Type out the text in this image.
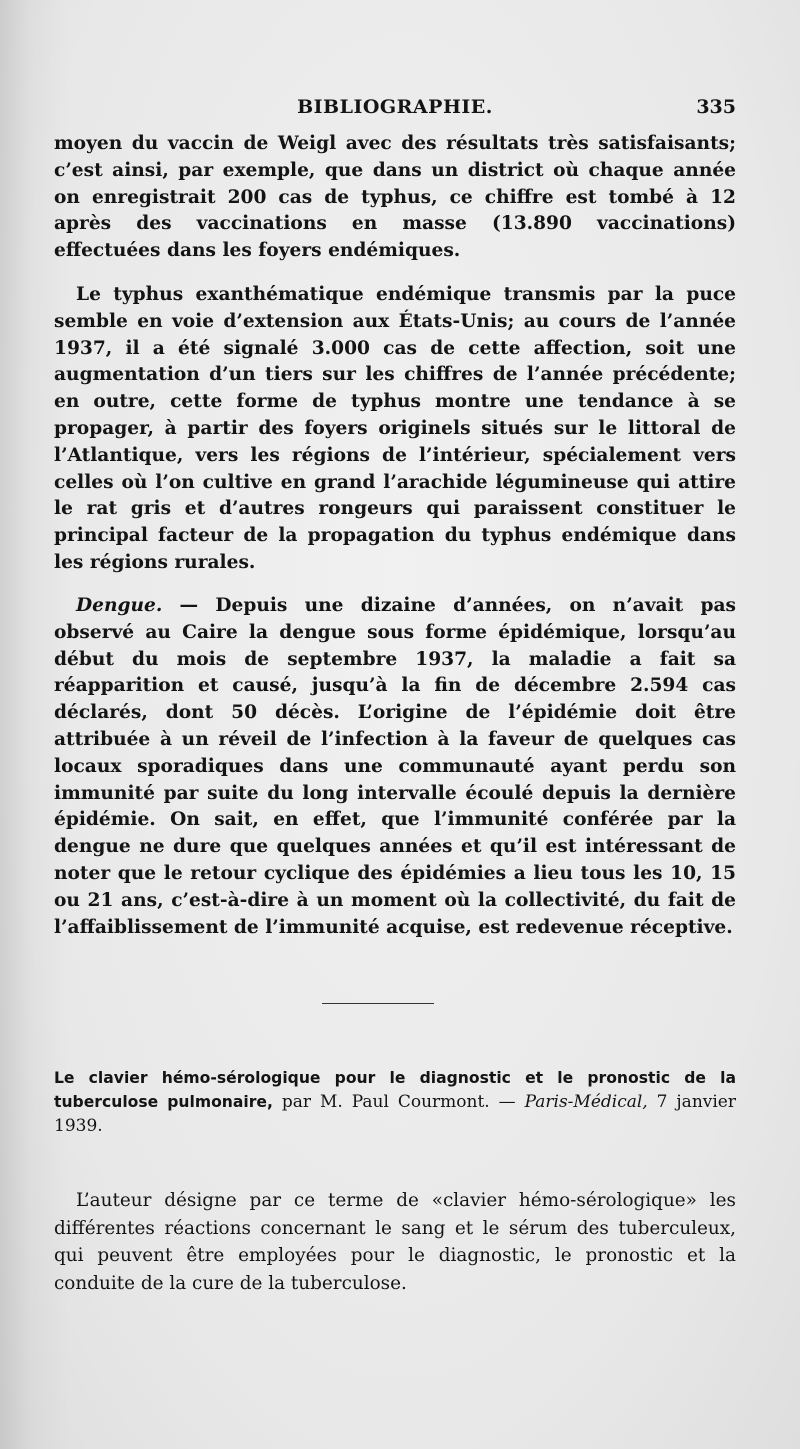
BIBLIOGRAPHIE.	335

moyen du vaccin de Weigl avec des résultats très satisfaisants; c’est ainsi, par exemple, que dans un district où chaque année on enregistrait 200 cas de typhus, ce chiffre est tombé à 12 après des vaccinations en masse (13.890 vaccinations) effectuées dans les foyers endémiques.

Le typhus exanthématique endémique transmis par la puce semble en voie d’extension aux États-Unis; au cours de l’année 1937, il a été signalé 3.000 cas de cette affection, soit une augmentation d’un tiers sur les chiffres de l’année précédente; en outre, cette forme de typhus montre une tendance à se propager, à partir des foyers originels situés sur le littoral de l’Atlantique, vers les régions de l’intérieur, spécialement vers celles où l’on cultive en grand l’arachide légumineuse qui attire le rat gris et d’autres rongeurs qui paraissent constituer le principal facteur de la propagation du typhus endémique dans les régions rurales.

Dengue. — Depuis une dizaine d’années, on n’avait pas observé au Caire la dengue sous forme épidémique, lorsqu’au début du mois de septembre 1937, la maladie a fait sa réapparition et causé, jusqu’à la fin de décembre 2.594 cas déclarés, dont 50 décès. L’origine de l’épidémie doit être attribuée à un réveil de l’infection à la faveur de quelques cas locaux sporadiques dans une communauté ayant perdu son immunité par suite du long intervalle écoulé depuis la dernière épidémie. On sait, en effet, que l’immunité conférée par la dengue ne dure que quelques années et qu’il est intéressant de noter que le retour cyclique des épidémies a lieu tous les 10, 15 ou 21 ans, c’est-à-dire à un moment où la collectivité, du fait de l’affaiblissement de l’immunité acquise, est redevenue réceptive.

Le clavier hémo-sérologique pour le diagnostic et le pronostic de la tuberculose pulmonaire, par M. Paul Courmont. — Paris-Médical, 7 janvier 1939.

L’auteur désigne par ce terme de «clavier hémo-sérologique» les différentes réactions concernant le sang et le sérum des tuberculeux, qui peuvent être employées pour le diagnostic, le pronostic et la conduite de la cure de la tuberculose.
